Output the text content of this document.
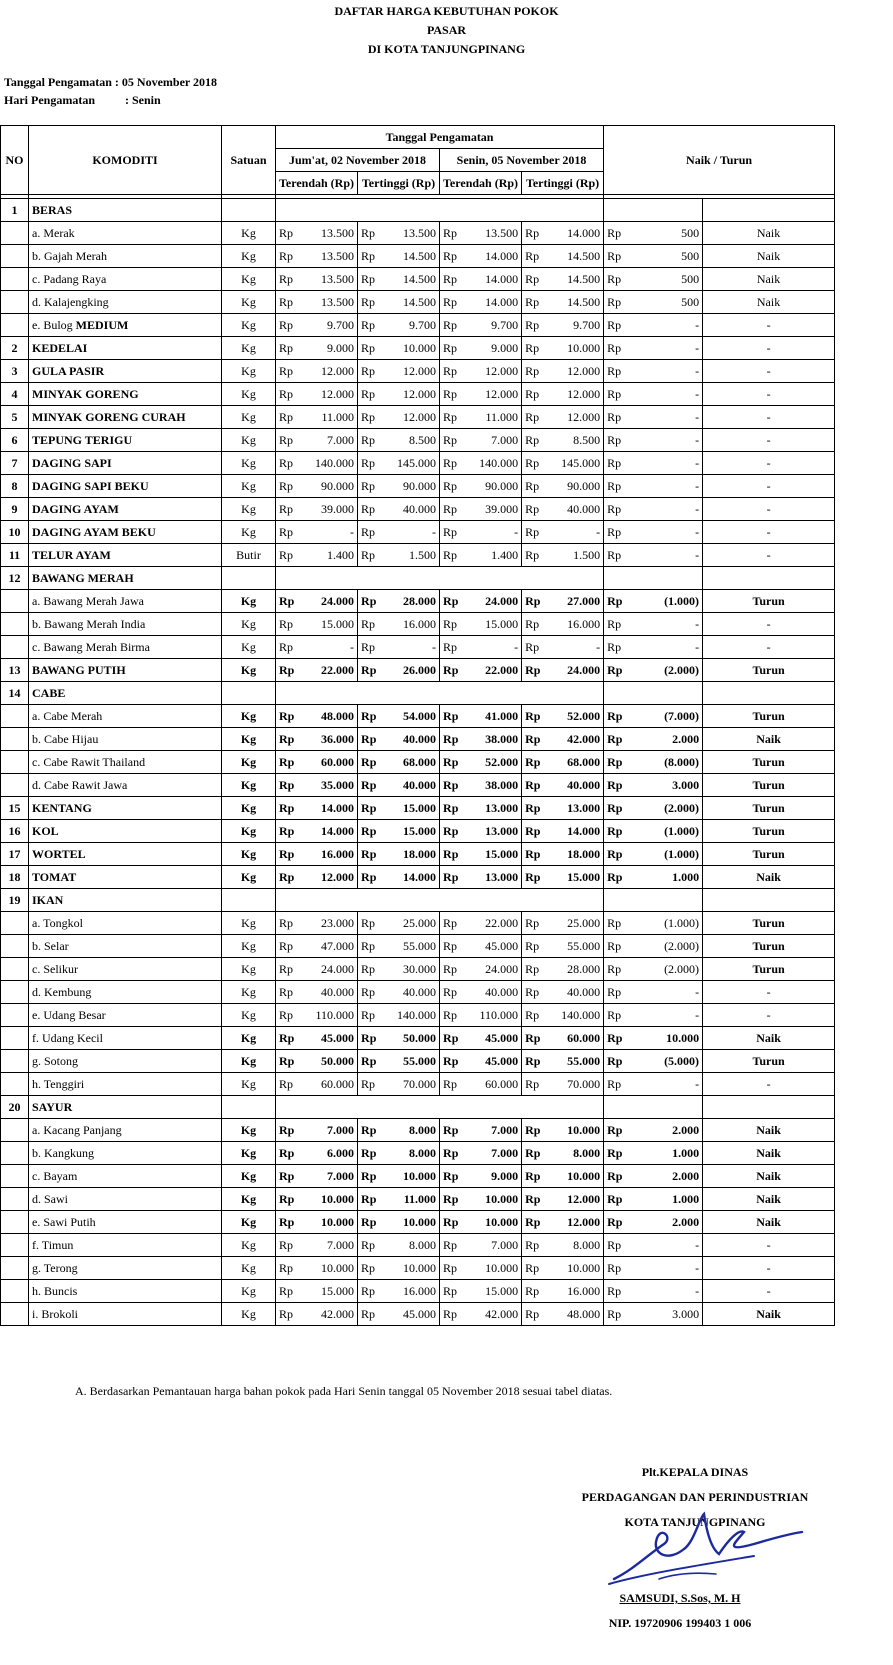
DAFTAR HARGA KEBUTUHAN POKOK
PASAR
DI KOTA TANJUNGPINANG
Tanggal Pengamatan : 05 November 2018
Hari Pengamatan	: Senin
NO	KOMODITI	Satuan	Tanggal Pengamatan								Naik / Turun		
			Jum'at, 02 November 2018				Senin, 05 November 2018						
			Terendah (Rp)		Tertinggi (Rp)		Terendah (Rp)		Tertinggi (Rp)				

1	BERAS												
	a. Merak	Kg	Rp	13.500	Rp	13.500	Rp	13.500	Rp	14.000	Rp	500	Naik
	b. Gajah Merah	Kg	Rp	13.500	Rp	14.500	Rp	14.000	Rp	14.500	Rp	500	Naik
	c. Padang Raya	Kg	Rp	13.500	Rp	14.500	Rp	14.000	Rp	14.500	Rp	500	Naik
	d. Kalajengking	Kg	Rp	13.500	Rp	14.500	Rp	14.000	Rp	14.500	Rp	500	Naik
	e. Bulog MEDIUM	Kg	Rp	9.700	Rp	9.700	Rp	9.700	Rp	9.700	Rp	-	-
2	KEDELAI	Kg	Rp	9.000	Rp	10.000	Rp	9.000	Rp	10.000	Rp	-	-
3	GULA PASIR	Kg	Rp	12.000	Rp	12.000	Rp	12.000	Rp	12.000	Rp	-	-
4	MINYAK GORENG	Kg	Rp	12.000	Rp	12.000	Rp	12.000	Rp	12.000	Rp	-	-
5	MINYAK GORENG CURAH	Kg	Rp	11.000	Rp	12.000	Rp	11.000	Rp	12.000	Rp	-	-
6	TEPUNG TERIGU	Kg	Rp	7.000	Rp	8.500	Rp	7.000	Rp	8.500	Rp	-	-
7	DAGING SAPI	Kg	Rp	140.000	Rp	145.000	Rp	140.000	Rp	145.000	Rp	-	-
8	DAGING SAPI BEKU	Kg	Rp	90.000	Rp	90.000	Rp	90.000	Rp	90.000	Rp	-	-
9	DAGING AYAM	Kg	Rp	39.000	Rp	40.000	Rp	39.000	Rp	40.000	Rp	-	-
10	DAGING AYAM BEKU	Kg	Rp	-	Rp	-	Rp	-	Rp	-	Rp	-	-
11	TELUR AYAM	Butir	Rp	1.400	Rp	1.500	Rp	1.400	Rp	1.500	Rp	-	-
12	BAWANG MERAH												
	a. Bawang Merah Jawa	Kg	Rp	24.000	Rp	28.000	Rp	24.000	Rp	27.000	Rp	(1.000)	Turun
	b. Bawang Merah India	Kg	Rp	15.000	Rp	16.000	Rp	15.000	Rp	16.000	Rp	-	-
	c. Bawang Merah Birma	Kg	Rp	-	Rp	-	Rp	-	Rp	-	Rp	-	-
13	BAWANG PUTIH	Kg	Rp	22.000	Rp	26.000	Rp	22.000	Rp	24.000	Rp	(2.000)	Turun
14	CABE												
	a. Cabe Merah	Kg	Rp	48.000	Rp	54.000	Rp	41.000	Rp	52.000	Rp	(7.000)	Turun
	b. Cabe Hijau	Kg	Rp	36.000	Rp	40.000	Rp	38.000	Rp	42.000	Rp	2.000	Naik
	c. Cabe Rawit Thailand	Kg	Rp	60.000	Rp	68.000	Rp	52.000	Rp	68.000	Rp	(8.000)	Turun
	d. Cabe Rawit Jawa	Kg	Rp	35.000	Rp	40.000	Rp	38.000	Rp	40.000	Rp	3.000	Turun
15	KENTANG	Kg	Rp	14.000	Rp	15.000	Rp	13.000	Rp	13.000	Rp	(2.000)	Turun
16	KOL	Kg	Rp	14.000	Rp	15.000	Rp	13.000	Rp	14.000	Rp	(1.000)	Turun
17	WORTEL	Kg	Rp	16.000	Rp	18.000	Rp	15.000	Rp	18.000	Rp	(1.000)	Turun
18	TOMAT	Kg	Rp	12.000	Rp	14.000	Rp	13.000	Rp	15.000	Rp	1.000	Naik
19	IKAN												
	a. Tongkol	Kg	Rp	23.000	Rp	25.000	Rp	22.000	Rp	25.000	Rp	(1.000)	Turun
	b. Selar	Kg	Rp	47.000	Rp	55.000	Rp	45.000	Rp	55.000	Rp	(2.000)	Turun
	c. Selikur	Kg	Rp	24.000	Rp	30.000	Rp	24.000	Rp	28.000	Rp	(2.000)	Turun
	d. Kembung	Kg	Rp	40.000	Rp	40.000	Rp	40.000	Rp	40.000	Rp	-	-
	e. Udang Besar	Kg	Rp	110.000	Rp	140.000	Rp	110.000	Rp	140.000	Rp	-	-
	f. Udang Kecil	Kg	Rp	45.000	Rp	50.000	Rp	45.000	Rp	60.000	Rp	10.000	Naik
	g. Sotong	Kg	Rp	50.000	Rp	55.000	Rp	45.000	Rp	55.000	Rp	(5.000)	Turun
	h. Tenggiri	Kg	Rp	60.000	Rp	70.000	Rp	60.000	Rp	70.000	Rp	-	-
20	SAYUR												
	a. Kacang Panjang	Kg	Rp	7.000	Rp	8.000	Rp	7.000	Rp	10.000	Rp	2.000	Naik
	b. Kangkung	Kg	Rp	6.000	Rp	8.000	Rp	7.000	Rp	8.000	Rp	1.000	Naik
	c. Bayam	Kg	Rp	7.000	Rp	10.000	Rp	9.000	Rp	10.000	Rp	2.000	Naik
	d. Sawi	Kg	Rp	10.000	Rp	11.000	Rp	10.000	Rp	12.000	Rp	1.000	Naik
	e. Sawi Putih	Kg	Rp	10.000	Rp	10.000	Rp	10.000	Rp	12.000	Rp	2.000	Naik
	f. Timun	Kg	Rp	7.000	Rp	8.000	Rp	7.000	Rp	8.000	Rp	-	-
	g. Terong	Kg	Rp	10.000	Rp	10.000	Rp	10.000	Rp	10.000	Rp	-	-
	h. Buncis	Kg	Rp	15.000	Rp	16.000	Rp	15.000	Rp	16.000	Rp	-	-
	i. Brokoli	Kg	Rp	42.000	Rp	45.000	Rp	42.000	Rp	48.000	Rp	3.000	Naik
A. Berdasarkan Pemantauan harga bahan pokok pada Hari Senin tanggal 05 November 2018 sesuai tabel diatas.
Plt.KEPALA DINAS
PERDAGANGAN DAN PERINDUSTRIAN
KOTA TANJUNGPINANG
SAMSUDI, S.Sos, M. H
NIP. 19720906 199403 1 006
